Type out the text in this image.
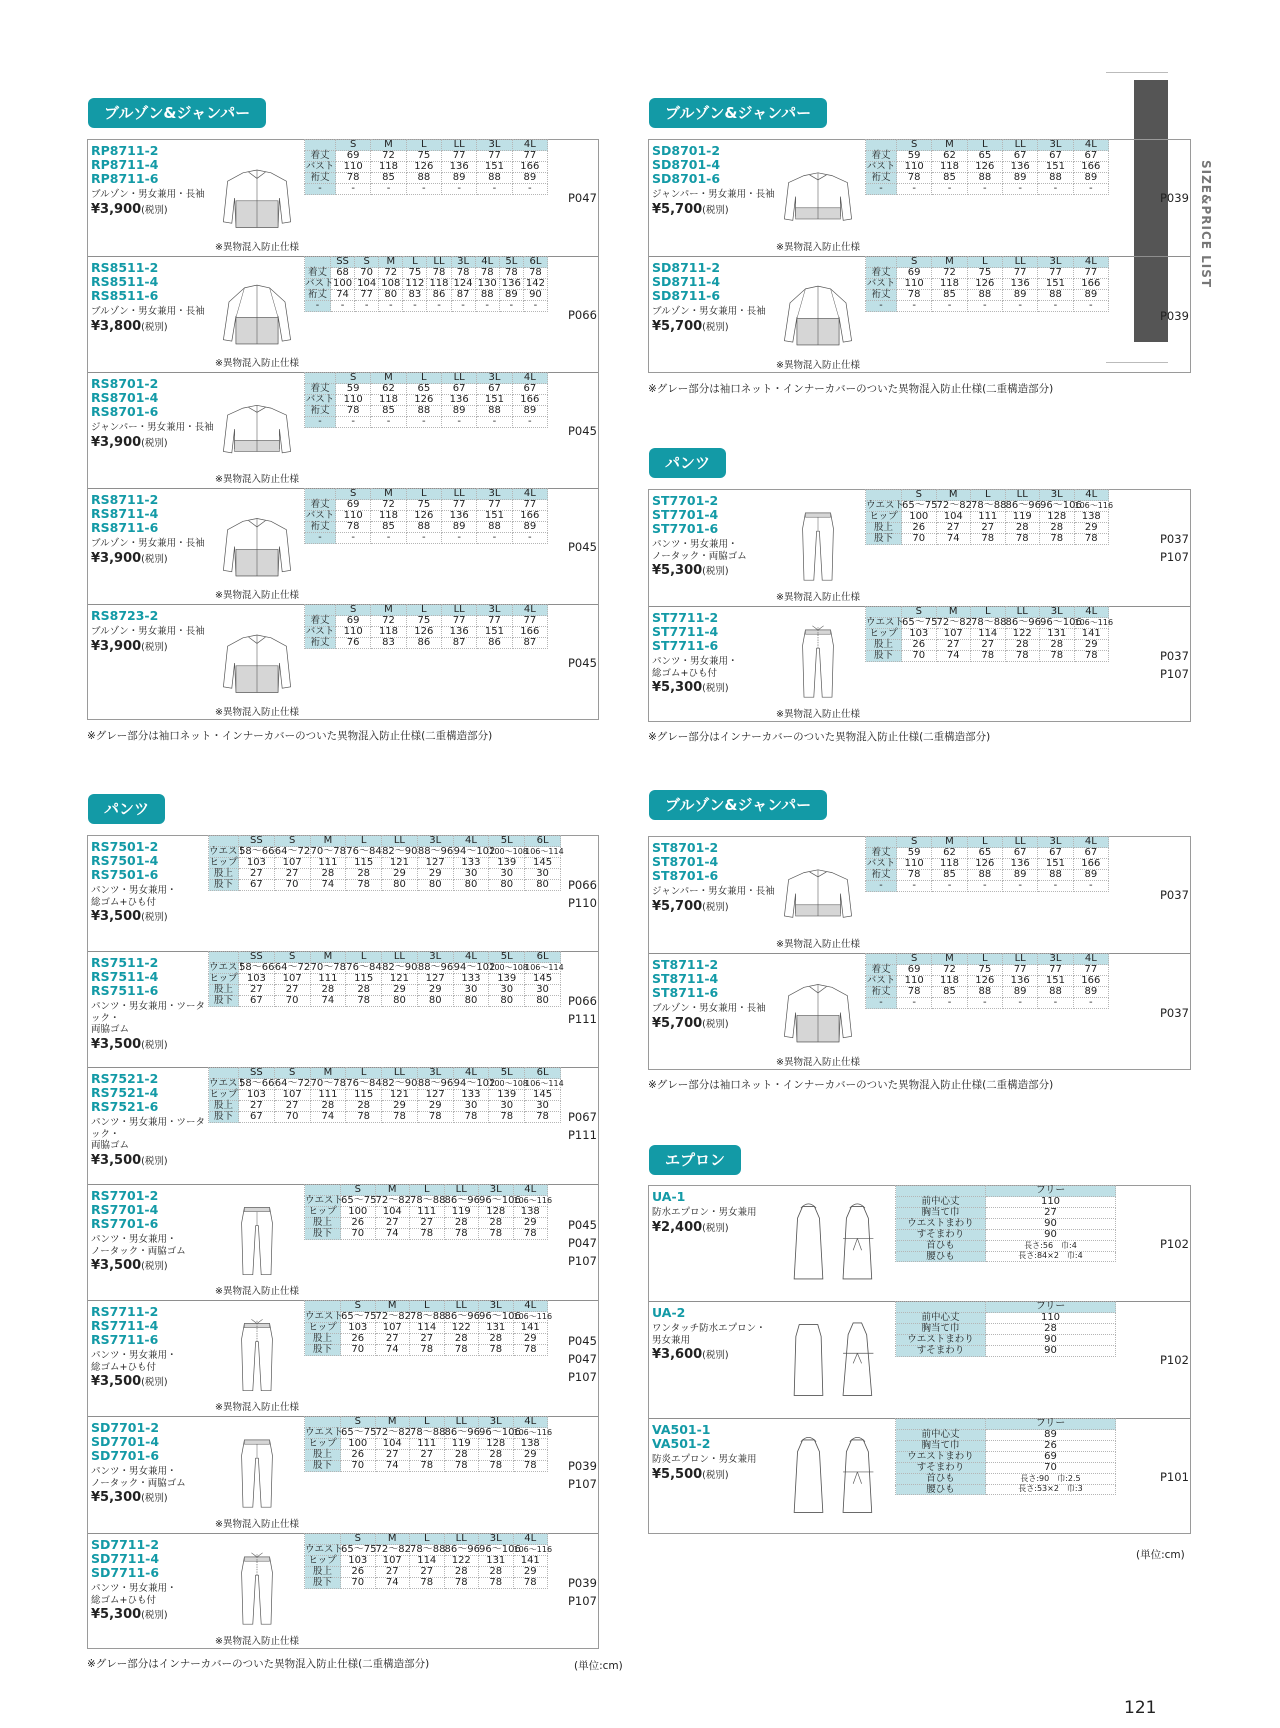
SIZE&PRICE LIST
ブルゾン&ジャンパー
パンツ
ブルゾン&ジャンパー
パンツ
ブルゾン&ジャンパー
エプロン
RP8711-2
RP8711-4
RP8711-6
ブルゾン・男女兼用・長袖
¥3,900(税別)
※異物混入防止仕様
	S	M	L	LL	3L	4L
着丈	69	72	75	77	77	77
バスト	110	118	126	136	151	166
裄丈	78	85	88	89	88	89
-	-	-	-	-	-	-
P047
RS8511-2
RS8511-4
RS8511-6
ブルゾン・男女兼用・長袖
¥3,800(税別)
※異物混入防止仕様
	SS	S	M	L	LL	3L	4L	5L	6L
着丈	68	70	72	75	78	78	78	78	78
バスト	100	104	108	112	118	124	130	136	142
裄丈	74	77	80	83	86	87	88	89	90
-	-	-	-	-	-	-	-	-	-
P066
RS8701-2
RS8701-4
RS8701-6
ジャンパー・男女兼用・長袖
¥3,900(税別)
※異物混入防止仕様
	S	M	L	LL	3L	4L
着丈	59	62	65	67	67	67
バスト	110	118	126	136	151	166
裄丈	78	85	88	89	88	89
-	-	-	-	-	-	-
P045
RS8711-2
RS8711-4
RS8711-6
ブルゾン・男女兼用・長袖
¥3,900(税別)
※異物混入防止仕様
	S	M	L	LL	3L	4L
着丈	69	72	75	77	77	77
バスト	110	118	126	136	151	166
裄丈	78	85	88	89	88	89
-	-	-	-	-	-	-
P045
RS8723-2
ブルゾン・男女兼用・長袖
¥3,900(税別)
※異物混入防止仕様
	S	M	L	LL	3L	4L
着丈	69	72	75	77	77	77
バスト	110	118	126	136	151	166
裄丈	76	83	86	87	86	87
P045
※グレー部分は袖口ネット・インナーカバーのついた異物混入防止仕様(二重構造部分)
RS7501-2
RS7501-4
RS7501-6
パンツ・男女兼用・
総ゴム+ひも付
¥3,500(税別)
	SS	S	M	L	LL	3L	4L	5L	6L
ウエスト	58〜66	64〜72	70〜78	76〜84	82〜90	88〜96	94〜102	100〜108	106〜114
ヒップ	103	107	111	115	121	127	133	139	145
股上	27	27	28	28	29	29	30	30	30
股下	67	70	74	78	80	80	80	80	80 P066
P110
RS7511-2
RS7511-4
RS7511-6
パンツ・男女兼用・ツータック・
両脇ゴム
¥3,500(税別)
	SS	S	M	L	LL	3L	4L	5L	6L
ウエスト	58〜66	64〜72	70〜78	76〜84	82〜90	88〜96	94〜102	100〜108	106〜114
ヒップ	103	107	111	115	121	127	133	139	145
股上	27	27	28	28	29	29	30	30	30
股下	67	70	74	78	80	80	80	80	80 P066
P111
RS7521-2
RS7521-4
RS7521-6
パンツ・男女兼用・ツータック・
両脇ゴム
¥3,500(税別)
	SS	S	M	L	LL	3L	4L	5L	6L
ウエスト	58〜66	64〜72	70〜78	76〜84	82〜90	88〜96	94〜102	100〜108	106〜114
ヒップ	103	107	111	115	121	127	133	139	145
股上	27	27	28	28	29	29	30	30	30
股下	67	70	74	78	78	78	78	78	78 P067
P111
RS7701-2
RS7701-4
RS7701-6
パンツ・男女兼用・
ノータック・両脇ゴム
¥3,500(税別)
※異物混入防止仕様
	S	M	L	LL	3L	4L
ウエスト	65〜75	72〜82	78〜88	86〜96	96〜106	106〜116
ヒップ	100	104	111	119	128	138
股上	26	27	27	28	28	29
股下	70	74	78	78	78	78
P045
P047
P107
RS7711-2
RS7711-4
RS7711-6
パンツ・男女兼用・
総ゴム+ひも付
¥3,500(税別)
※異物混入防止仕様
	S	M	L	LL	3L	4L
ウエスト	65〜75	72〜82	78〜88	86〜96	96〜106	106〜116
ヒップ	103	107	114	122	131	141
股上	26	27	27	28	28	29
股下	70	74	78	78	78	78
P045
P047
P107
SD7701-2
SD7701-4
SD7701-6
パンツ・男女兼用・
ノータック・両脇ゴム
¥5,300(税別)
※異物混入防止仕様
	S	M	L	LL	3L	4L
ウエスト	65〜75	72〜82	78〜88	86〜96	96〜106	106〜116
ヒップ	100	104	111	119	128	138
股上	26	27	27	28	28	29
股下	70	74	78	78	78	78	P039
P107
SD7711-2
SD7711-4
SD7711-6
パンツ・男女兼用・
総ゴム+ひも付
¥5,300(税別)
※異物混入防止仕様
	S	M	L	LL	3L	4L
ウエスト	65〜75	72〜82	78〜88	86〜96	96〜106	106〜116
ヒップ	103	107	114	122	131	141
股上	26	27	27	28	28	29
股下	70	74	78	78	78	78	P039
P107
※グレー部分はインナーカバーのついた異物混入防止仕様(二重構造部分)	(単位:cm)
SD8701-2
SD8701-4
SD8701-6
ジャンパー・男女兼用・長袖
¥5,700(税別)
※異物混入防止仕様
	S	M	L	LL	3L	4L
着丈	59	62	65	67	67	67
バスト	110	118	126	136	151	166
裄丈	78	85	88	89	88	89
-	-	-	-	-	-	-
P039
SD8711-2
SD8711-4
SD8711-6
ブルゾン・男女兼用・長袖
¥5,700(税別)
※異物混入防止仕様
	S	M	L	LL	3L	4L
着丈	69	72	75	77	77	77
バスト	110	118	126	136	151	166
裄丈	78	85	88	89	88	89
-	-	-	-	-	-	-
P039
※グレー部分は袖口ネット・インナーカバーのついた異物混入防止仕様(二重構造部分)
ST7701-2
ST7701-4
ST7701-6
パンツ・男女兼用・
ノータック・両脇ゴム
¥5,300(税別)
※異物混入防止仕様
	S	M	L	LL	3L	4L
ウエスト	65〜75	72〜82	78〜88	86〜96	96〜106	106〜116
ヒップ	100	104	111	119	128	138
股上	26	27	27	28	28	29
股下	70	74	78	78	78	78	P037
P107
ST7711-2
ST7711-4
ST7711-6
パンツ・男女兼用・
総ゴム+ひも付
¥5,300(税別)
※異物混入防止仕様
	S	M	L	LL	3L	4L
ウエスト	65〜75	72〜82	78〜88	86〜96	96〜106	106〜116
ヒップ	103	107	114	122	131	141
股上	26	27	27	28	28	29
股下	70	74	78	78	78	78	P037
P107
※グレー部分はインナーカバーのついた異物混入防止仕様(二重構造部分)
ST8701-2
ST8701-4
ST8701-6
ジャンパー・男女兼用・長袖
¥5,700(税別)
※異物混入防止仕様
	S	M	L	LL	3L	4L
着丈	59	62	65	67	67	67
バスト	110	118	126	136	151	166
裄丈	78	85	88	89	88	89
-	-	-	-	-	-	-
P037
ST8711-2
ST8711-4
ST8711-6
ブルゾン・男女兼用・長袖
¥5,700(税別)
※異物混入防止仕様
	S	M	L	LL	3L	4L
着丈	69	72	75	77	77	77
バスト	110	118	126	136	151	166
裄丈	78	85	88	89	88	89
-	-	-	-	-	-	-
P037
※グレー部分は袖口ネット・インナーカバーのついた異物混入防止仕様(二重構造部分)
UA-1
防水エプロン・男女兼用
¥2,400(税別)
	フリー
前中心丈	110
胸当て巾	27
ウエストまわり	90
すそまわり	90
首ひも	長さ:56　巾:4
腰ひも	長さ:84×2　巾:4
P102
UA-2
ワンタッチ防水エプロン・
男女兼用
¥3,600(税別)
	フリー
前中心丈	110
胸当て巾	28
ウエストまわり	90
すそまわり	90
P102
VA501-1
VA501-2
防炎エプロン・男女兼用
¥5,500(税別)
	フリー
前中心丈	89
胸当て巾	26
ウエストまわり	69
すそまわり	70
首ひも	長さ:90　巾:2.5
腰ひも	長さ:53×2　巾:3
P101
(単位:cm)
121
